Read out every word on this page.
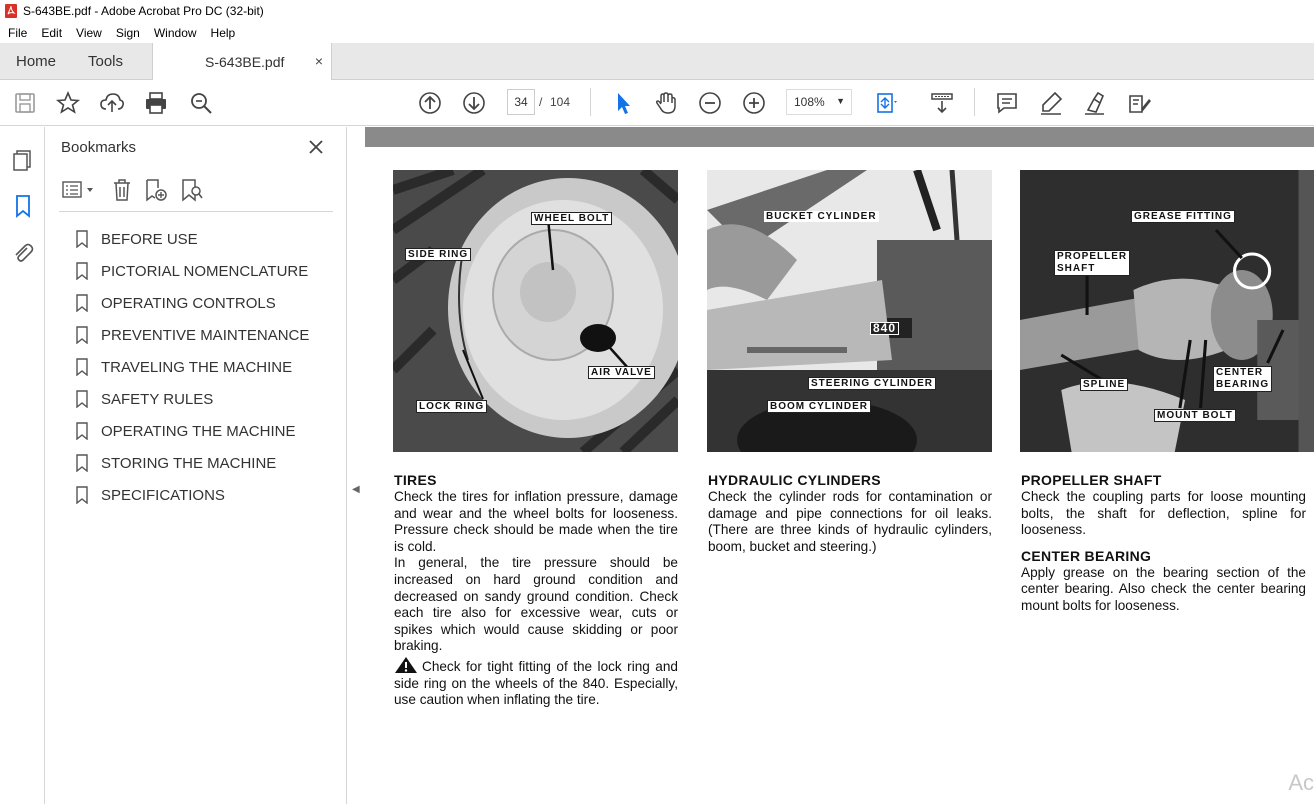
S-643BE.pdf - Adobe Acrobat Pro DC (32-bit)
File	Edit	View	Sign	Window	Help
Home Tools	S-643BE.pdf ×
34 / 104	108% ▼
Bookmarks
BEFORE USE
PICTORIAL NOMENCLATURE
OPERATING CONTROLS
PREVENTIVE MAINTENANCE
TRAVELING THE MACHINE
SAFETY RULES
OPERATING THE MACHINE
STORING THE MACHINE
SPECIFICATIONS	◀
WHEEL BOLT
SIDE RING
AIR VALVE
LOCK RING
BUCKET CYLINDER
840
STEERING CYLINDER
BOOM CYLINDER
GREASE FITTING
PROPELLER
SHAFT
SPLINE
CENTER
BEARING
MOUNT BOLT
TIRES

Check the tires for inflation pressure, damage and wear and the wheel bolts for looseness. Pressure check should be made when the tire is cold.

In general, the tire pressure should be increased on hard ground condition and decreased on sandy ground condition. Check each tire also for excessive wear, cuts or spikes which would cause skidding or poor braking.

Check for tight fitting of the lock ring and side ring on the wheels of the 840. Especially, use caution when inflating the tire.

HYDRAULIC CYLINDERS

Check the cylinder rods for contamination or damage and pipe connections for oil leaks. (There are three kinds of hydraulic cylinders, boom, bucket and steering.)

PROPELLER SHAFT

Check the coupling parts for loose mounting bolts, the shaft for deflection, spline for looseness.

CENTER BEARING

Apply grease on the bearing section of the center bearing. Also check the center bearing mount bolts for looseness.

Ac
